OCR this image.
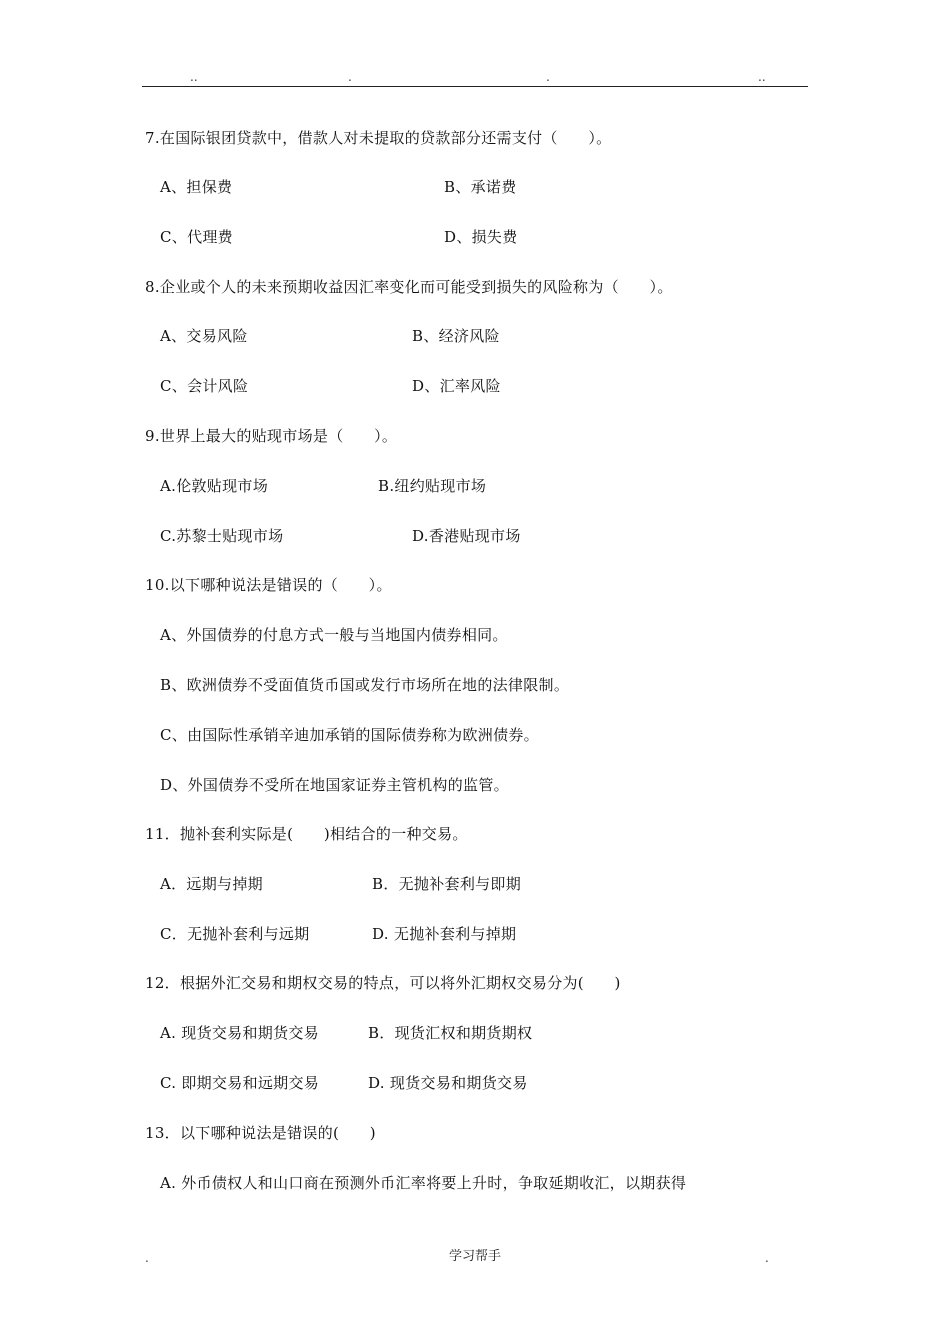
..	.	.	..
7.在国际银团贷款中，借款人对未提取的贷款部分还需支付（　　）。
A、担保费	B、承诺费
C、代理费	D、损失费
8.企业或个人的未来预期收益因汇率变化而可能受到损失的风险称为（　　）。
A、交易风险	B、经济风险
C、会计风险	D、汇率风险
9.世界上最大的贴现市场是（　　）。
A.伦敦贴现市场	B.纽约贴现市场
C.苏黎士贴现市场	D.香港贴现市场
10.以下哪种说法是错误的（　　）。
A、外国债券的付息方式一般与当地国内债券相同。
B、欧洲债券不受面值货币国或发行市场所在地的法律限制。
C、由国际性承销辛迪加承销的国际债券称为欧洲债券。
D、外国债券不受所在地国家证券主管机构的监管。
11．抛补套利实际是(　　)相结合的一种交易。
A．远期与掉期	B．无抛补套利与即期
C．无抛补套利与远期	D. 无抛补套利与掉期
12．根据外汇交易和期权交易的特点，可以将外汇期权交易分为(　　)
A. 现货交易和期货交易	B．现货汇权和期货期权
C. 即期交易和远期交易	D. 现货交易和期货交易
13．以下哪种说法是错误的(　　)
A. 外币债权人和山口商在预测外币汇率将要上升时，争取延期收汇，以期获得
.	学习帮手	.
